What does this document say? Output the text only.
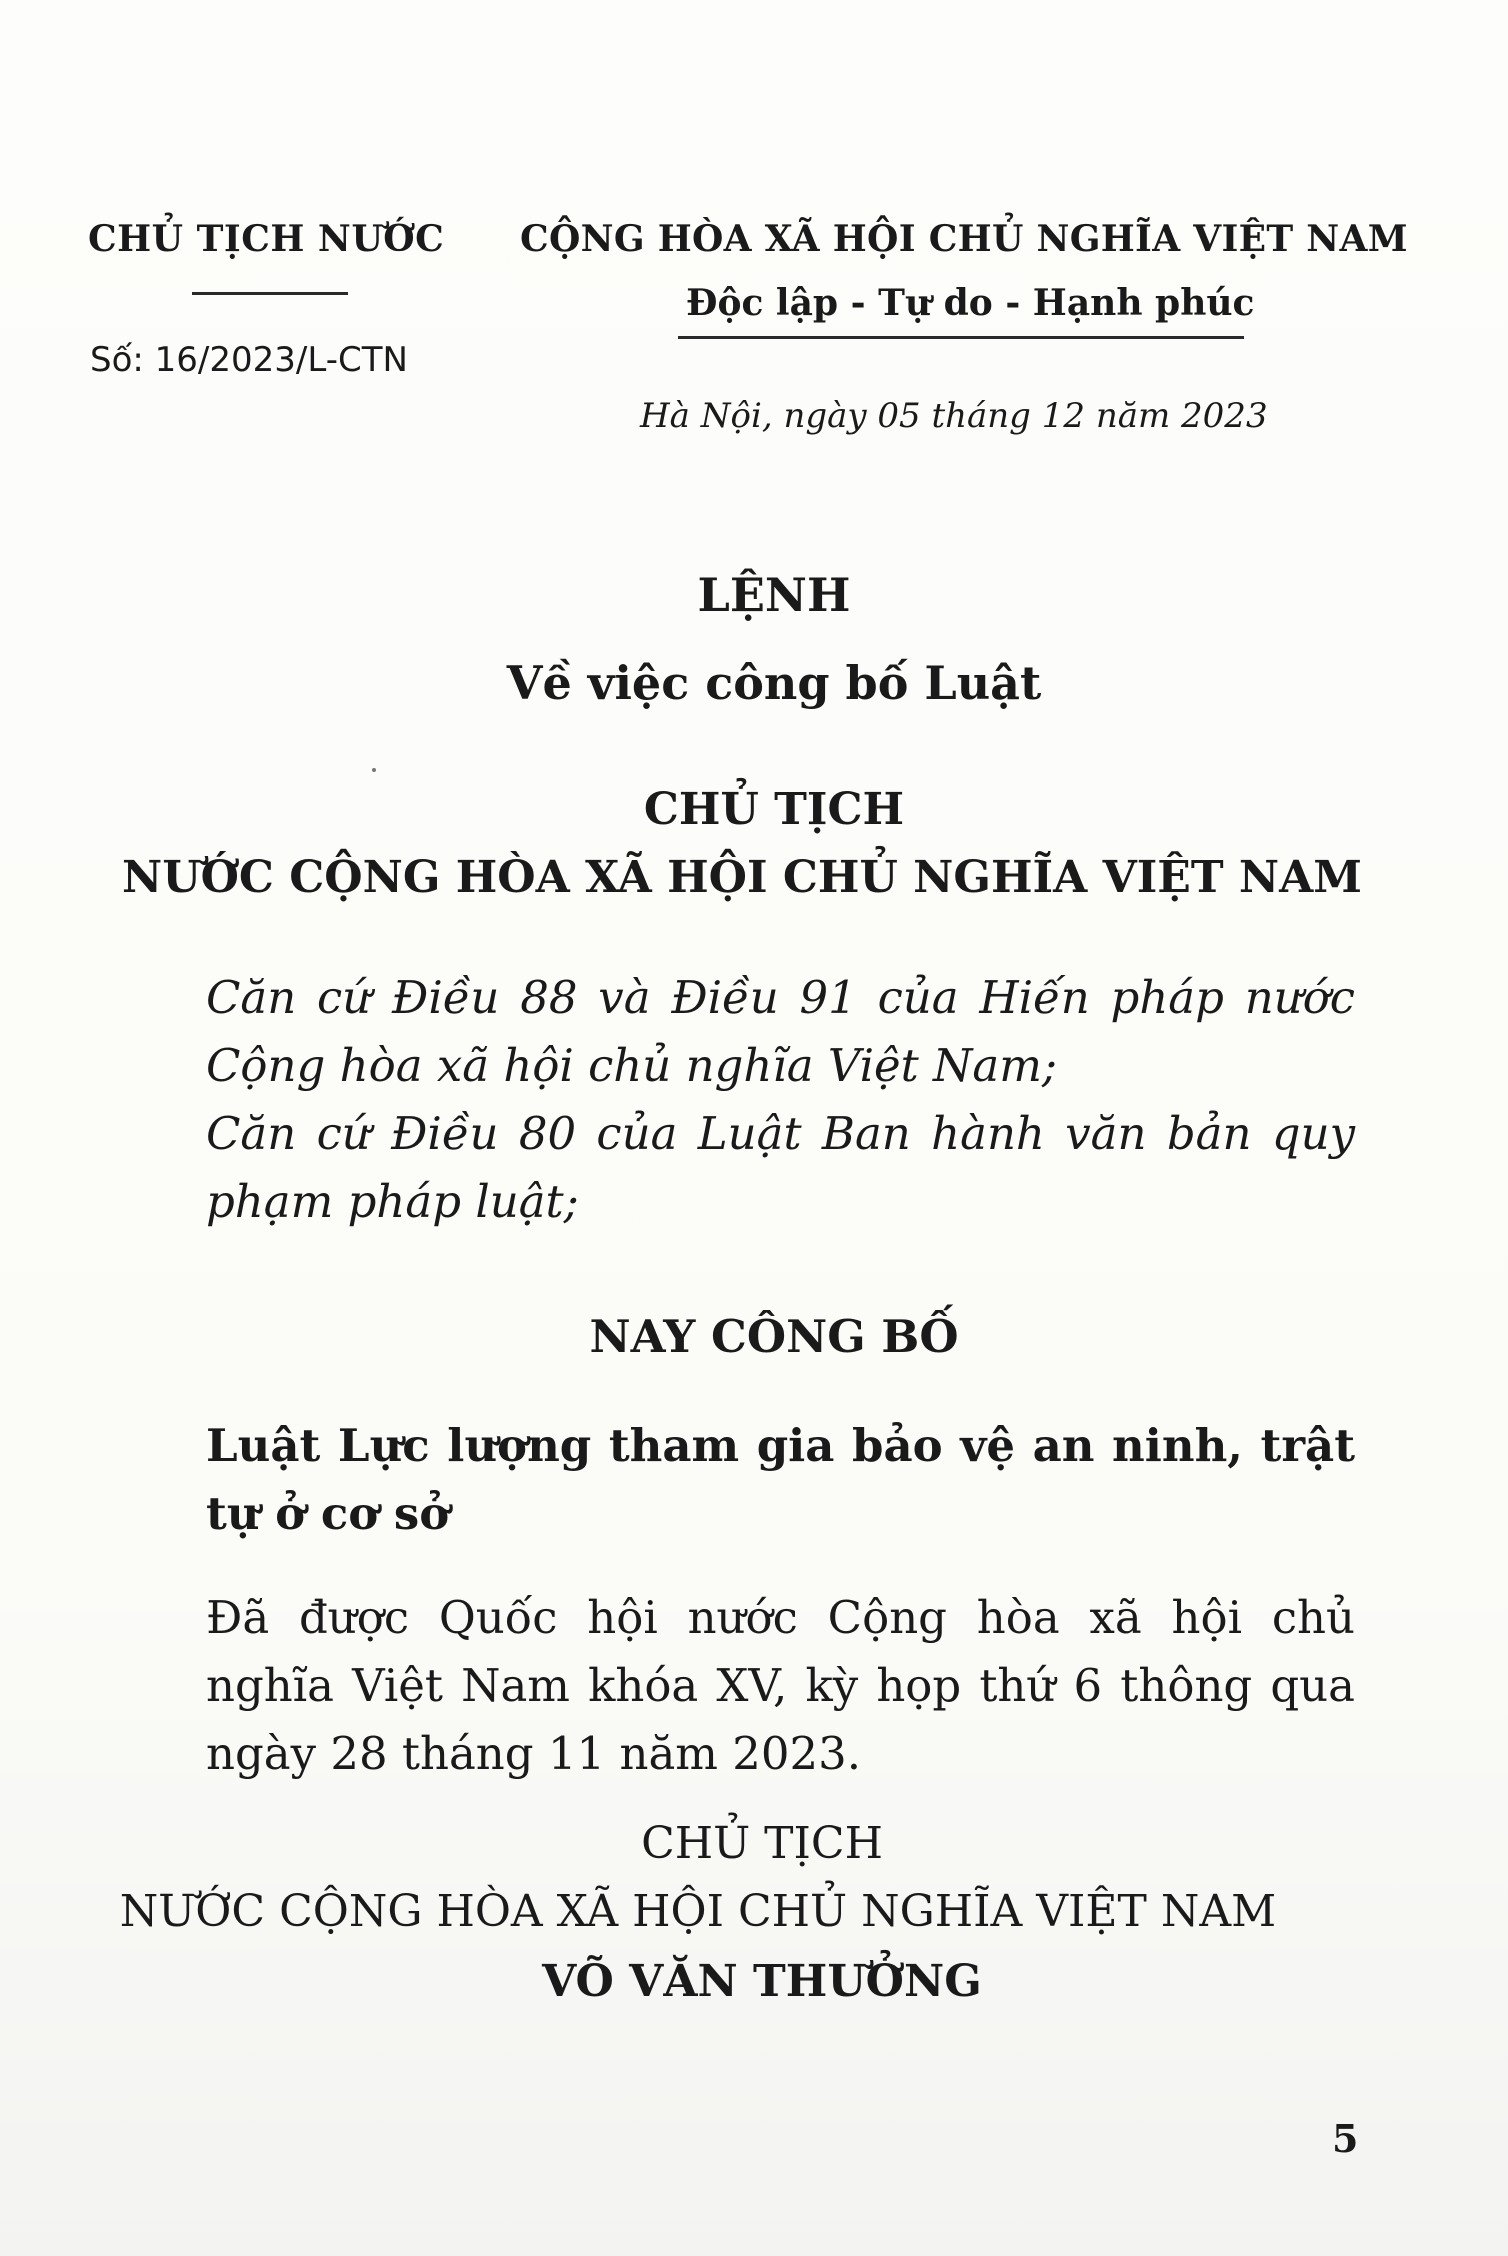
CHỦ TỊCH NƯỚC
Số: 16/2023/L-CTN
CỘNG HÒA XÃ HỘI CHỦ NGHĨA VIỆT NAM
Độc lập - Tự do - Hạnh phúc
Hà Nội, ngày 05 tháng 12 năm 2023
LỆNH
Về việc công bố Luật
CHỦ TỊCH
NƯỚC CỘNG HÒA XÃ HỘI CHỦ NGHĨA VIỆT NAM
Căn cứ Điều 88 và Điều 91 của Hiến pháp nước Cộng hòa xã hội chủ nghĩa Việt Nam;
Căn cứ Điều 80 của Luật Ban hành văn bản quy phạm pháp luật;
NAY CÔNG BỐ
Luật Lực lượng tham gia bảo vệ an ninh, trật tự ở cơ sở
Đã được Quốc hội nước Cộng hòa xã hội chủ nghĩa Việt Nam khóa XV, kỳ họp thứ 6 thông qua ngày 28 tháng 11 năm 2023.
CHỦ TỊCH
NƯỚC CỘNG HÒA XÃ HỘI CHỦ NGHĨA VIỆT NAM
VÕ VĂN THƯỞNG
5
